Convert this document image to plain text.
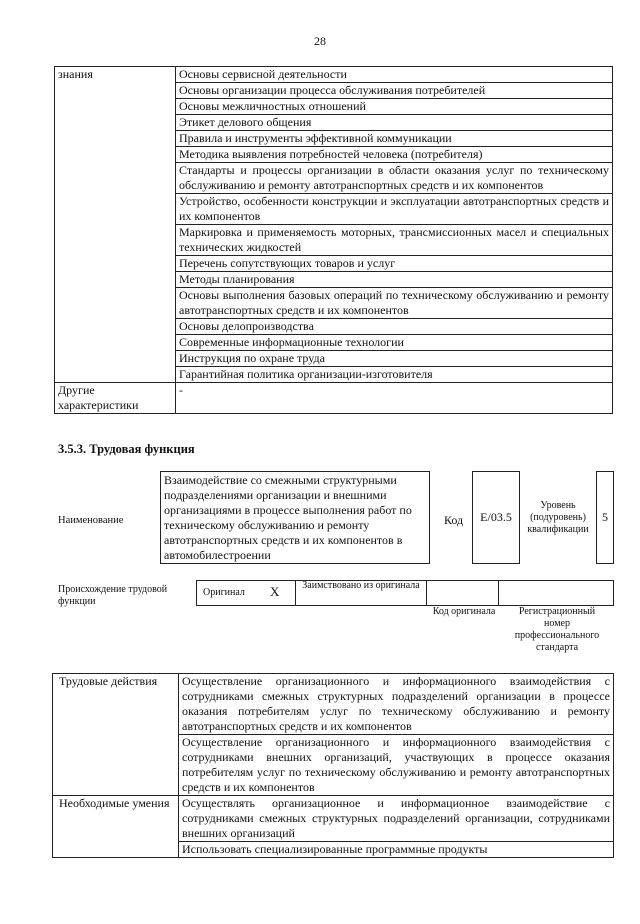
28
знания	Основы сервисной деятельности
	Основы организации процесса обслуживания потребителей
	Основы межличностных отношений
	Этикет делового общения
	Правила и инструменты эффективной коммуникации
	Методика выявления потребностей человека (потребителя)
	Стандарты и процессы организации в области оказания услуг по техническому обслуживанию и ремонту автотранспортных средств и их компонентов
	Устройство, особенности конструкции и эксплуатации автотранспортных средств и их компонентов
	Маркировка и применяемость моторных, трансмиссионных масел и специальных технических жидкостей
	Перечень сопутствующих товаров и услуг
	Методы планирования
	Основы выполнения базовых операций по техническому обслуживанию и ремонту автотранспортных средств и их компонентов
	Основы делопроизводства
	Современные информационные технологии
	Инструкция по охране труда
	Гарантийная политика организации-изготовителя
Другие характеристики	-
3.5.3. Трудовая функция
Наименование
Взаимодействие со смежными структурными подразделениями организации и внешними организациями в процессе выполнения работ по техническому обслуживанию и ремонту автотранспортных средств и их компонентов в автомобилестроении
Код E/03.5
Уровень (подуровень) квалификации
5
Происхождение трудовой функции
Оригинал X Заимствовано из оригинала
Код оригинала	Регистрационный номер профессионального стандарта
Трудовые действия	Осуществление организационного и информационного взаимодействия с сотрудниками смежных структурных подразделений организации в процессе оказания потребителям услуг по техническому обслуживанию и ремонту автотранспортных средств и их компонентов
	Осуществление организационного и информационного взаимодействия с сотрудниками внешних организаций, участвующих в процессе оказания потребителям услуг по техническому обслуживанию и ремонту автотранспортных средств и их компонентов
Необходимые умения	Осуществлять организационное и информационное взаимодействие с сотрудниками смежных структурных подразделений организации, сотрудниками внешних организаций
	Использовать специализированные программные продукты
